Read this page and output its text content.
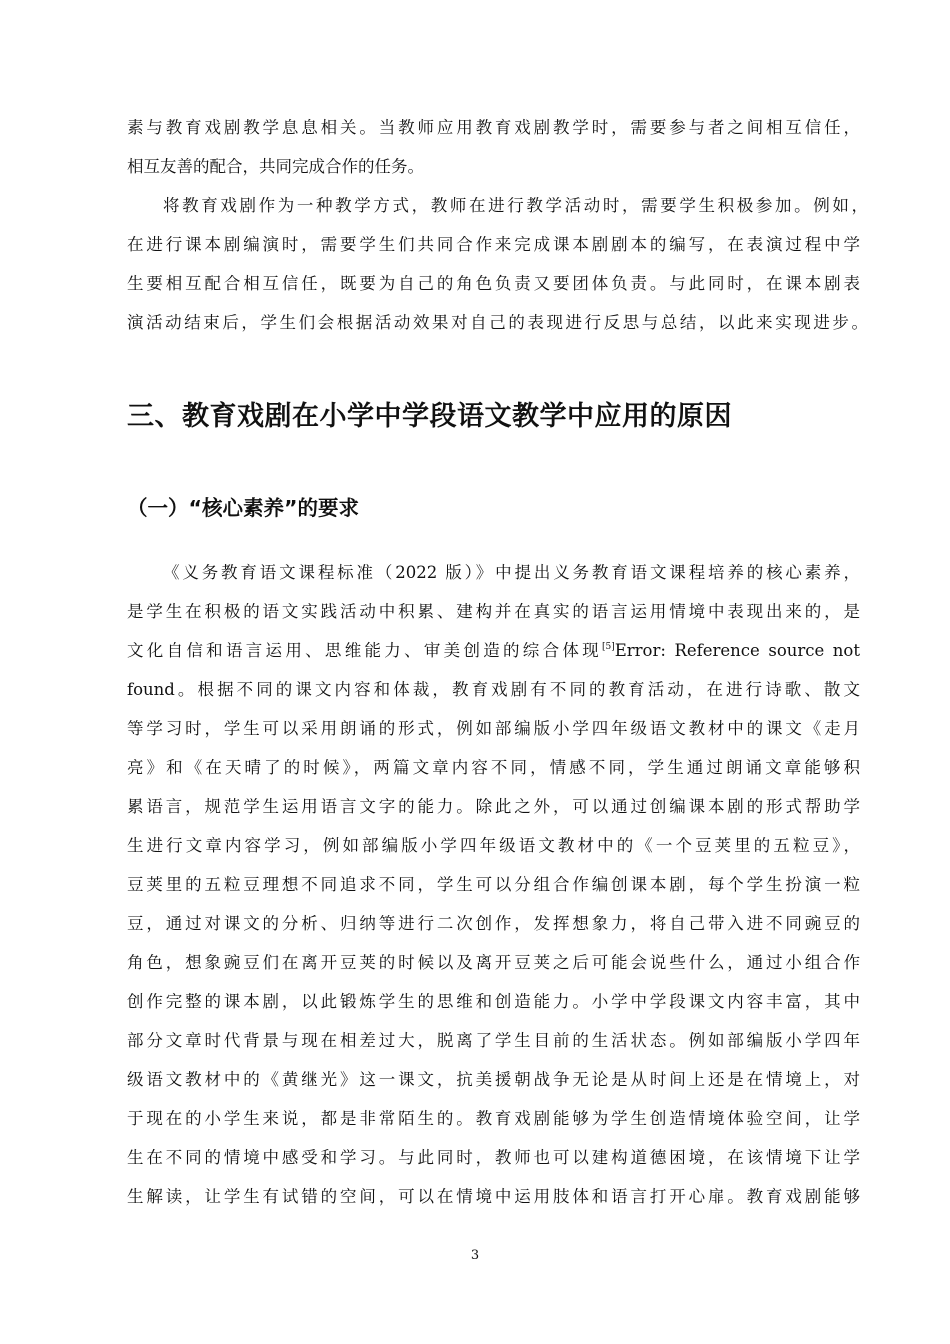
素与教育戏剧教学息息相关。当教师应用教育戏剧教学时，需要参与者之间相互信任，
相互友善的配合，共同完成合作的任务。
将教育戏剧作为一种教学方式，教师在进行教学活动时，需要学生积极参加。例如，
在进行课本剧编演时，需要学生们共同合作来完成课本剧剧本的编写，在表演过程中学
生要相互配合相互信任，既要为自己的角色负责又要团体负责。与此同时，在课本剧表
演活动结束后，学生们会根据活动效果对自己的表现进行反思与总结，以此来实现进步。
三、教育戏剧在小学中学段语文教学中应用的原因
（一）“核心素养”的要求
《义务教育语文课程标准（2022 版）》中提出义务教育语文课程培养的核心素养，
是学生在积极的语文实践活动中积累、建构并在真实的语言运用情境中表现出来的，是
文化自信和语言运用、思维能力、审美创造的综合体现[5]Error: Reference source not
found。根据不同的课文内容和体裁，教育戏剧有不同的教育活动，在进行诗歌、散文
等学习时，学生可以采用朗诵的形式，例如部编版小学四年级语文教材中的课文《走月
亮》和《在天晴了的时候》，两篇文章内容不同，情感不同，学生通过朗诵文章能够积
累语言，规范学生运用语言文字的能力。除此之外，可以通过创编课本剧的形式帮助学
生进行文章内容学习，例如部编版小学四年级语文教材中的《一个豆荚里的五粒豆》，
豆荚里的五粒豆理想不同追求不同，学生可以分组合作编创课本剧，每个学生扮演一粒
豆，通过对课文的分析、归纳等进行二次创作，发挥想象力，将自己带入进不同豌豆的
角色，想象豌豆们在离开豆荚的时候以及离开豆荚之后可能会说些什么，通过小组合作
创作完整的课本剧，以此锻炼学生的思维和创造能力。小学中学段课文内容丰富，其中
部分文章时代背景与现在相差过大，脱离了学生目前的生活状态。例如部编版小学四年
级语文教材中的《黄继光》这一课文，抗美援朝战争无论是从时间上还是在情境上，对
于现在的小学生来说，都是非常陌生的。教育戏剧能够为学生创造情境体验空间，让学
生在不同的情境中感受和学习。与此同时，教师也可以建构道德困境，在该情境下让学
生解读，让学生有试错的空间，可以在情境中运用肢体和语言打开心扉。教育戏剧能够
3
